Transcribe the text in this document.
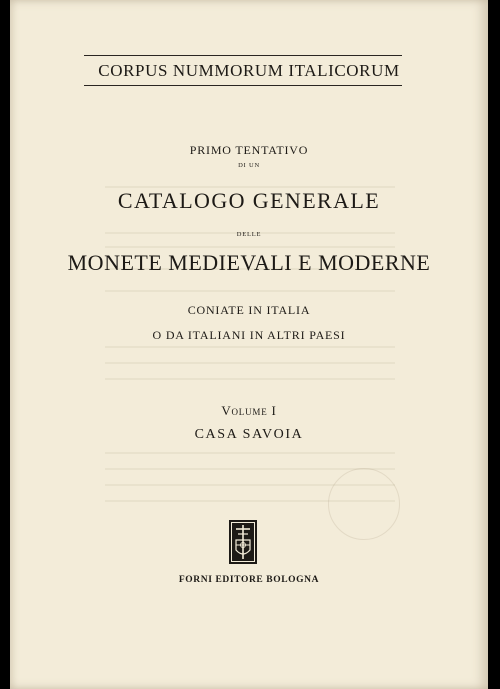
CORPUS NUMMORUM ITALICORUM
PRIMO TENTATIVO
DI UN
CATALOGO GENERALE
DELLE
MONETE MEDIEVALI E MODERNE
CONIATE IN ITALIA
O DA ITALIANI IN ALTRI PAESI
Volume I
CASA SAVOIA
FORNI EDITORE BOLOGNA
